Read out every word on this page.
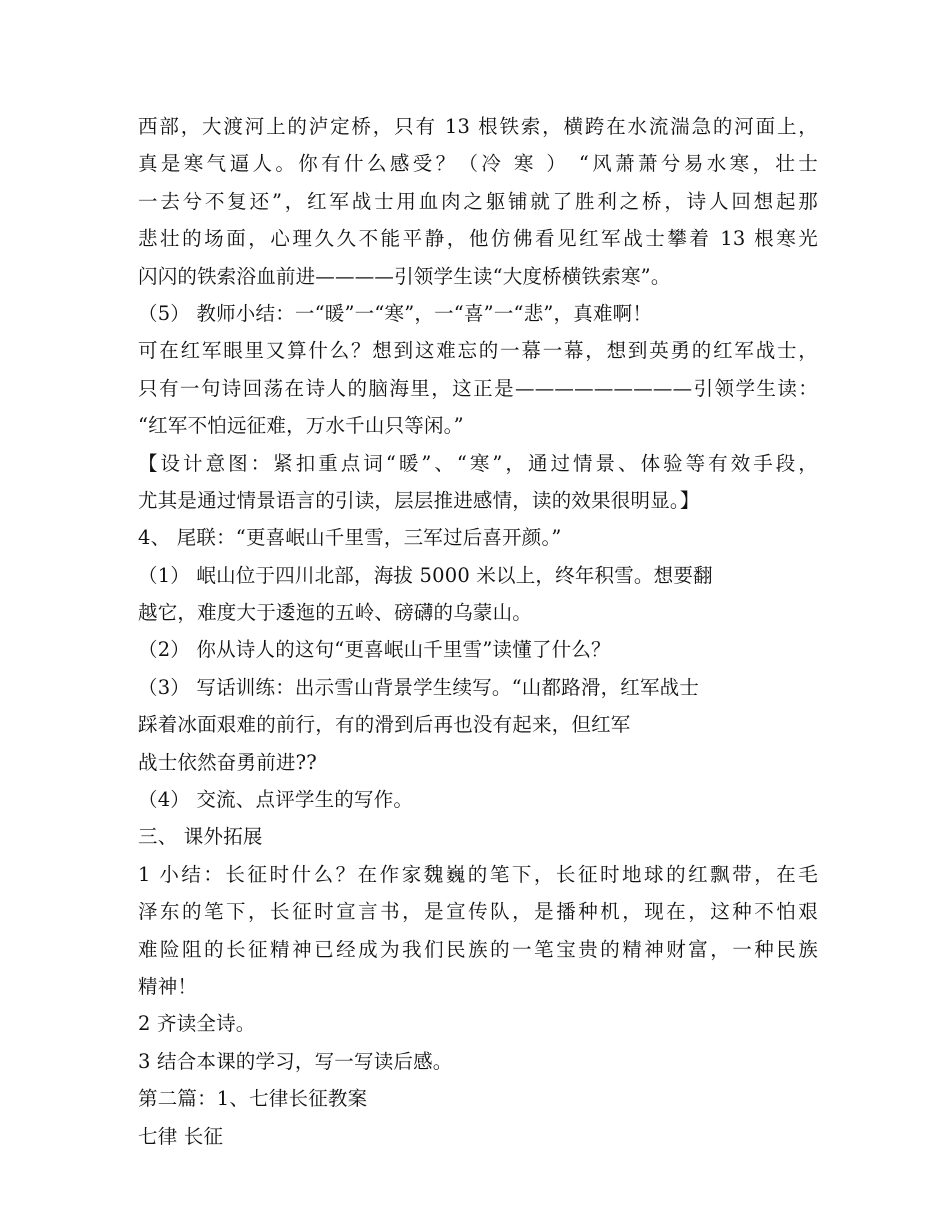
西部，大渡河上的泸定桥，只有 13 根铁索，横跨在水流湍急的河面上，
真是寒气逼人。你有什么感受？（冷 寒 ） “风萧萧兮易水寒，壮士
一去兮不复还”，红军战士用血肉之躯铺就了胜利之桥，诗人回想起那
悲壮的场面，心理久久不能平静，他仿佛看见红军战士攀着 13 根寒光
闪闪的铁索浴血前进————引领学生读“大度桥横铁索寒”。
（5） 教师小结：一“暖”一“寒”，一“喜”一“悲”，真难啊！
可在红军眼里又算什么？想到这难忘的一幕一幕，想到英勇的红军战士，
只有一句诗回荡在诗人的脑海里，这正是—————————引领学生读：
“红军不怕远征难，万水千山只等闲。”
【设计意图：紧扣重点词“暖”、“寒”，通过情景、体验等有效手段，
尤其是通过情景语言的引读，层层推进感情，读的效果很明显。】
4、 尾联：“更喜岷山千里雪，三军过后喜开颜。”
（1） 岷山位于四川北部，海拔 5000 米以上，终年积雪。想要翻
越它，难度大于逶迤的五岭、磅礴的乌蒙山。
（2） 你从诗人的这句“更喜岷山千里雪”读懂了什么？
（3） 写话训练：出示雪山背景学生续写。“山都路滑，红军战士
踩着冰面艰难的前行，有的滑到后再也没有起来，但红军
战士依然奋勇前进??
（4） 交流、点评学生的写作。
三、 课外拓展
1 小结：长征时什么？在作家魏巍的笔下，长征时地球的红飘带，在毛
泽东的笔下，长征时宣言书，是宣传队，是播种机，现在，这种不怕艰
难险阻的长征精神已经成为我们民族的一笔宝贵的精神财富，一种民族
精神！
2 齐读全诗。
3 结合本课的学习，写一写读后感。
第二篇：1、七律长征教案
七律 长征
